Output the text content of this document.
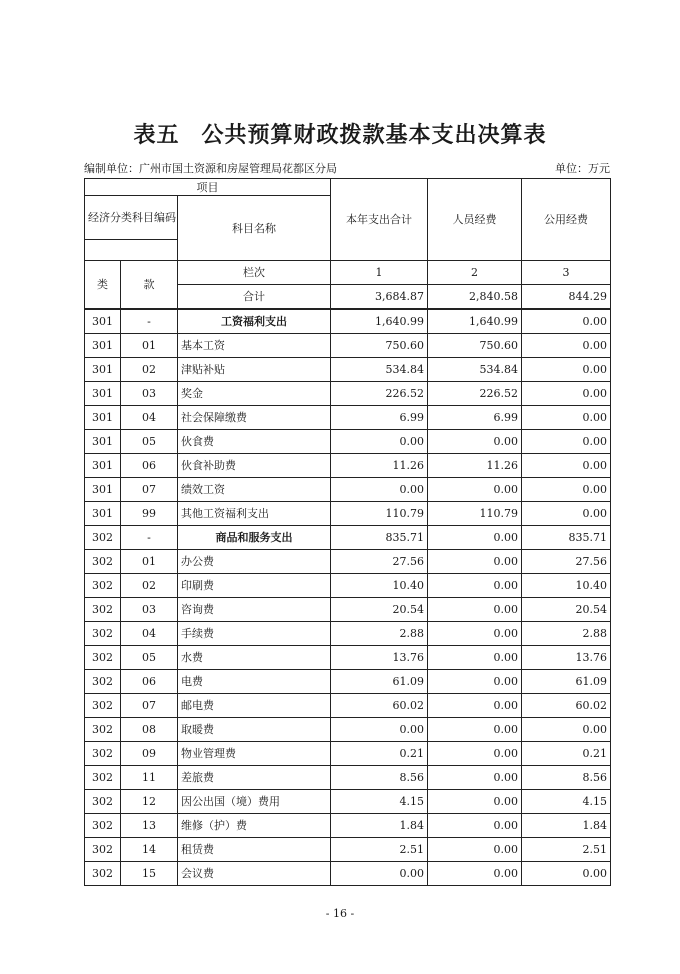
表五 公共预算财政拨款基本支出决算表
编制单位：广州市国土资源和房屋管理局花都区分局	单位：万元
项目			本年支出合计	人员经费	公用经费
经济分类科目编码		科目名称			

类	款	栏次	1	2	3
		合计	3,684.87	2,840.58	844.29
301	-	工资福利支出	1,640.99	1,640.99	0.00
301	01	基本工资	750.60	750.60	0.00
301	02	津贴补贴	534.84	534.84	0.00
301	03	奖金	226.52	226.52	0.00
301	04	社会保障缴费	6.99	6.99	0.00
301	05	伙食费	0.00	0.00	0.00
301	06	伙食补助费	11.26	11.26	0.00
301	07	绩效工资	0.00	0.00	0.00
301	99	其他工资福利支出	110.79	110.79	0.00
302	-	商品和服务支出	835.71	0.00	835.71
302	01	办公费	27.56	0.00	27.56
302	02	印刷费	10.40	0.00	10.40
302	03	咨询费	20.54	0.00	20.54
302	04	手续费	2.88	0.00	2.88
302	05	水费	13.76	0.00	13.76
302	06	电费	61.09	0.00	61.09
302	07	邮电费	60.02	0.00	60.02
302	08	取暖费	0.00	0.00	0.00
302	09	物业管理费	0.21	0.00	0.21
302	11	差旅费	8.56	0.00	8.56
302	12	因公出国（境）费用	4.15	0.00	4.15
302	13	维修（护）费	1.84	0.00	1.84
302	14	租赁费	2.51	0.00	2.51
302	15	会议费	0.00	0.00	0.00
- 16 -
